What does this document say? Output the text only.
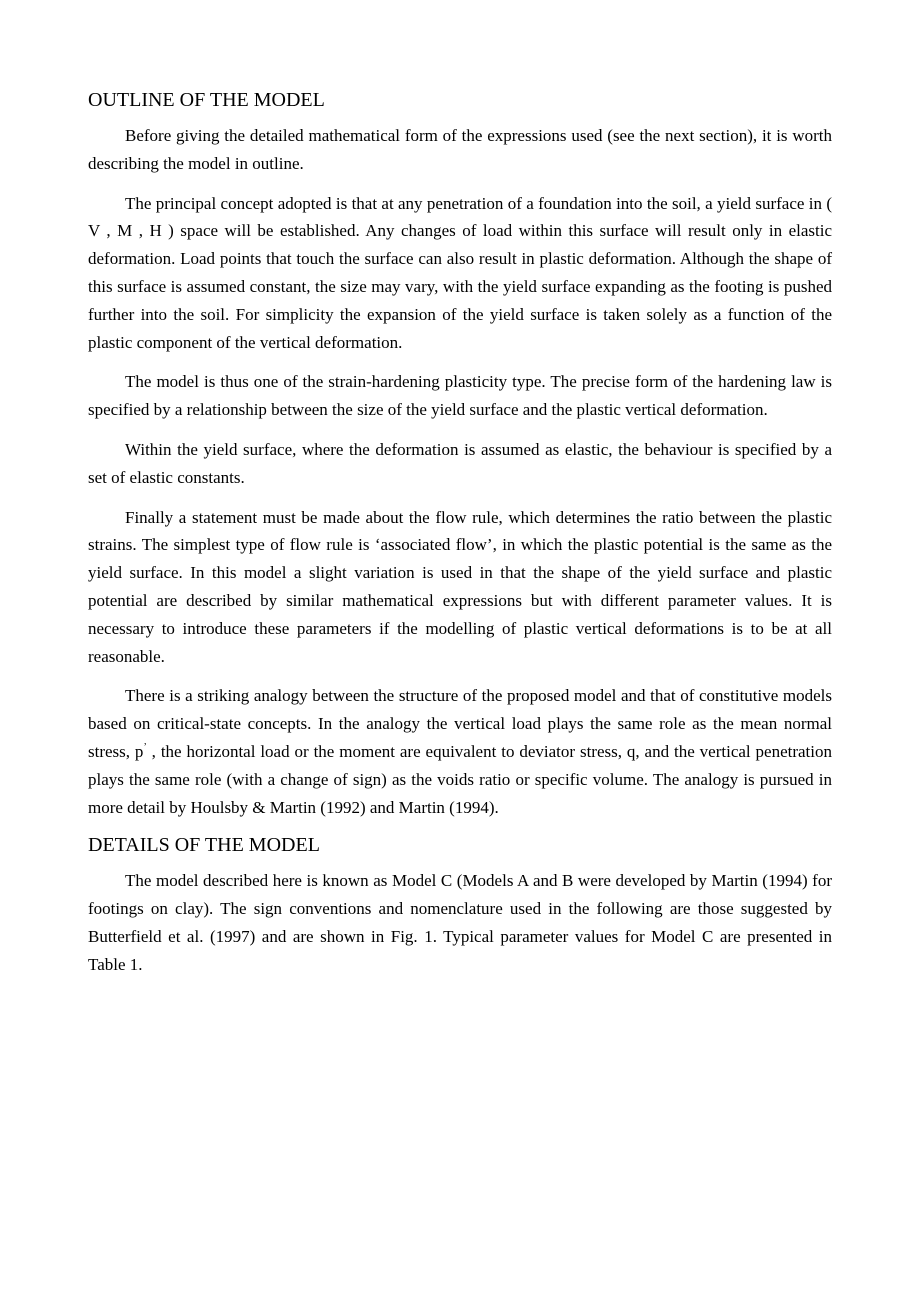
OUTLINE OF THE MODEL

Before giving the detailed mathematical form of the expressions used (see the next section), it is worth describing the model in outline.

The principal concept adopted is that at any penetration of a foundation into the soil, a yield surface in ( V , M , H ) space will be established. Any changes of load within this surface will result only in elastic deformation. Load points that touch the surface can also result in plastic deformation. Although the shape of this surface is assumed constant, the size may vary, with the yield surface expanding as the footing is pushed further into the soil. For simplicity the expansion of the yield surface is taken solely as a function of the plastic component of the vertical deformation.

The model is thus one of the strain-hardening plasticity type. The precise form of the hardening law is specified by a relationship between the size of the yield surface and the plastic vertical deformation.

Within the yield surface, where the deformation is assumed as elastic, the behaviour is specified by a set of elastic constants.

Finally a statement must be made about the flow rule, which determines the ratio between the plastic strains. The simplest type of flow rule is ‘associated flow’, in which the plastic potential is the same as the yield surface. In this model a slight variation is used in that the shape of the yield surface and plastic potential are described by similar mathematical expressions but with different parameter values. It is necessary to introduce these parameters if the modelling of plastic vertical deformations is to be at all reasonable.

There is a striking analogy between the structure of the proposed model and that of constitutive models based on critical-state concepts. In the analogy the vertical load plays the same role as the mean normal stress, p’ , the horizontal load or the moment are equivalent to deviator stress, q, and the vertical penetration plays the same role (with a change of sign) as the voids ratio or specific volume. The analogy is pursued in more detail by Houlsby & Martin (1992) and Martin (1994).

DETAILS OF THE MODEL

The model described here is known as Model C (Models A and B were developed by Martin (1994) for footings on clay). The sign conventions and nomenclature used in the following are those suggested by Butterfield et al. (1997) and are shown in Fig. 1. Typical parameter values for Model C are presented in Table 1.
